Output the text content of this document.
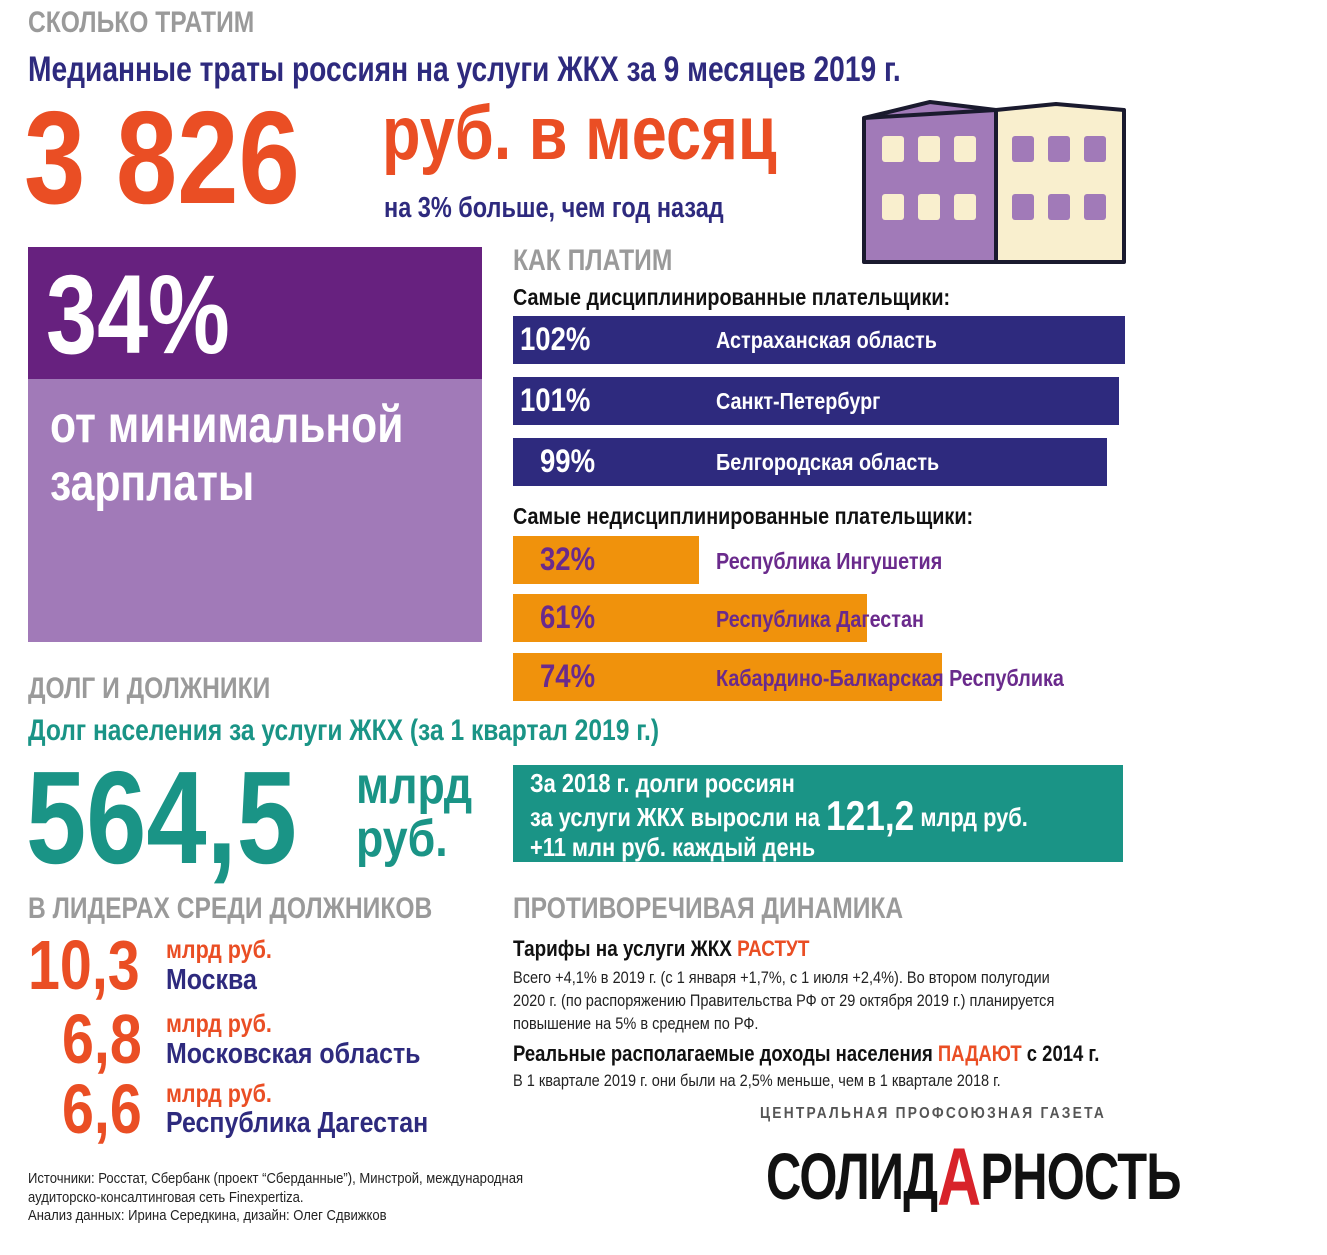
СКОЛЬКО ТРАТИМ
Медианные траты россиян на услуги ЖКХ за 9 месяцев 2019 г.
3 826	руб. в месяц
на 3% больше, чем год назад
34%
от минимальной
зарплаты
КАК ПЛАТИМ
Самые дисциплинированные плательщики:
102%	Астраханская область
101%	Санкт-Петербург
99%	Белгородская область
Самые недисциплинированные плательщики:
32%	Республика Ингушетия
61%	Республика Дагестан
74%	Кабардино-Балкарская Республика
ДОЛГ И ДОЛЖНИКИ
Долг населения за услуги ЖКХ (за 1 квартал 2019 г.)
564,5	млрд
руб.
За 2018 г. долги россиян
за услуги ЖКХ выросли на 121,2 млрд руб.
+11 млн руб. каждый день
В ЛИДЕРАХ СРЕДИ ДОЛЖНИКОВ
10,3	млрд руб.
Москва
6,8 млрд руб.
Московская область
6,6 млрд руб.
Республика Дагестан
ПРОТИВОРЕЧИВАЯ ДИНАМИКА
Тарифы на услуги ЖКХ РАСТУТ
Всего +4,1% в 2019 г. (с 1 января +1,7%, с 1 июля +2,4%). Во втором полугодии
2020 г. (по распоряжению Правительства РФ от 29 октября 2019 г.) планируется
повышение на 5% в среднем по РФ.
Реальные располагаемые доходы населения ПАДАЮТ с 2014 г.
В 1 квартале 2019 г. они были на 2,5% меньше, чем в 1 квартале 2018 г.
Источники: Росстат, Сбербанк (проект “Сберданные”), Минстрой, международная
аудиторско-консалтинговая сеть Finexpertiza.
Анализ данных: Ирина Середкина, дизайн: Олег Сдвижков
ЦЕНТРАЛЬНАЯ ПРОФСОЮЗНАЯ ГАЗЕТА
СОЛИДАРНОСТЬ
